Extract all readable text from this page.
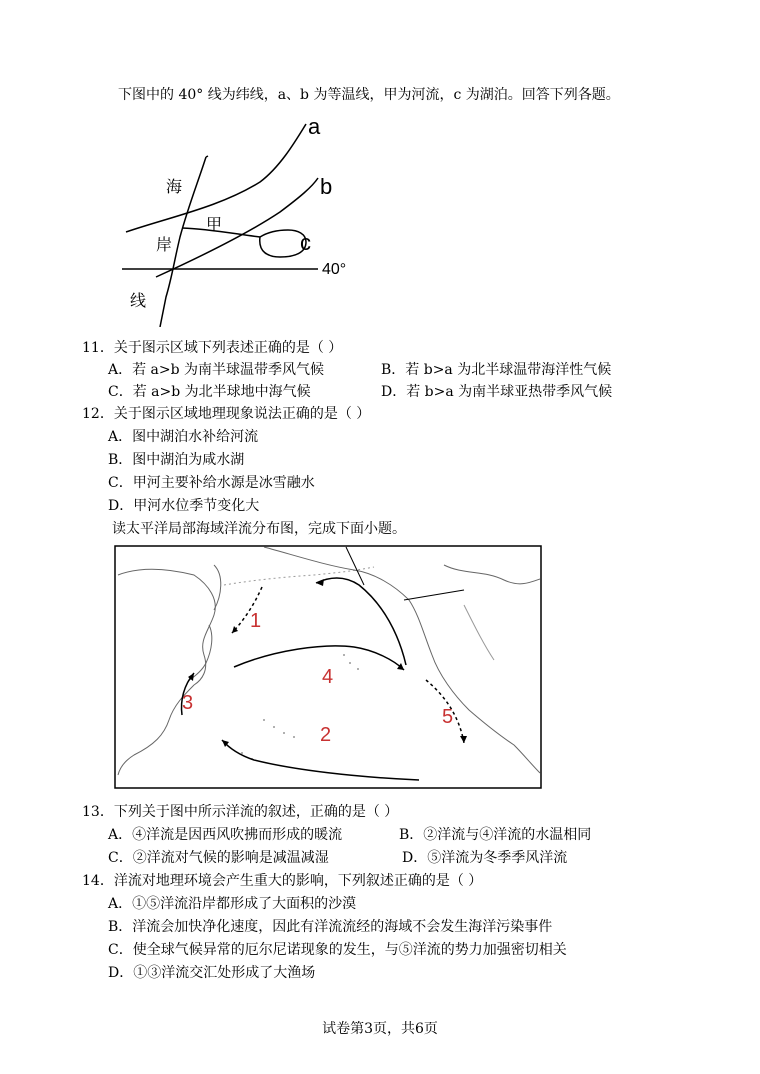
下图中的 40° 线为纬线，a、b 为等温线，甲为河流，c 为湖泊。回答下列各题。
a
b
c
海
岸
线
甲
40°
11．关于图示区域下列表述正确的是（ ）
A．若 a>b 为南半球温带季风气候	B．若 b>a 为北半球温带海洋性气候
C．若 a>b 为北半球地中海气候	D．若 b>a 为南半球亚热带季风气候
12．关于图示区域地理现象说法正确的是（ ）
A．图中湖泊水补给河流
B．图中湖泊为咸水湖
C．甲河主要补给水源是冰雪融水
D．甲河水位季节变化大
读太平洋局部海域洋流分布图，完成下面小题。
1
2
3
4
5
13．下列关于图中所示洋流的叙述，正确的是（ ）
A．④洋流是因西风吹拂而形成的暖流	B．②洋流与④洋流的水温相同
C．②洋流对气候的影响是减温减湿	D．⑤洋流为冬季季风洋流
14．洋流对地理环境会产生重大的影响，下列叙述正确的是（ ）
A．①⑤洋流沿岸都形成了大面积的沙漠
B．洋流会加快净化速度，因此有洋流流经的海域不会发生海洋污染事件
C．使全球气候异常的厄尔尼诺现象的发生，与⑤洋流的势力加强密切相关
D．①③洋流交汇处形成了大渔场
试卷第3页，共6页
